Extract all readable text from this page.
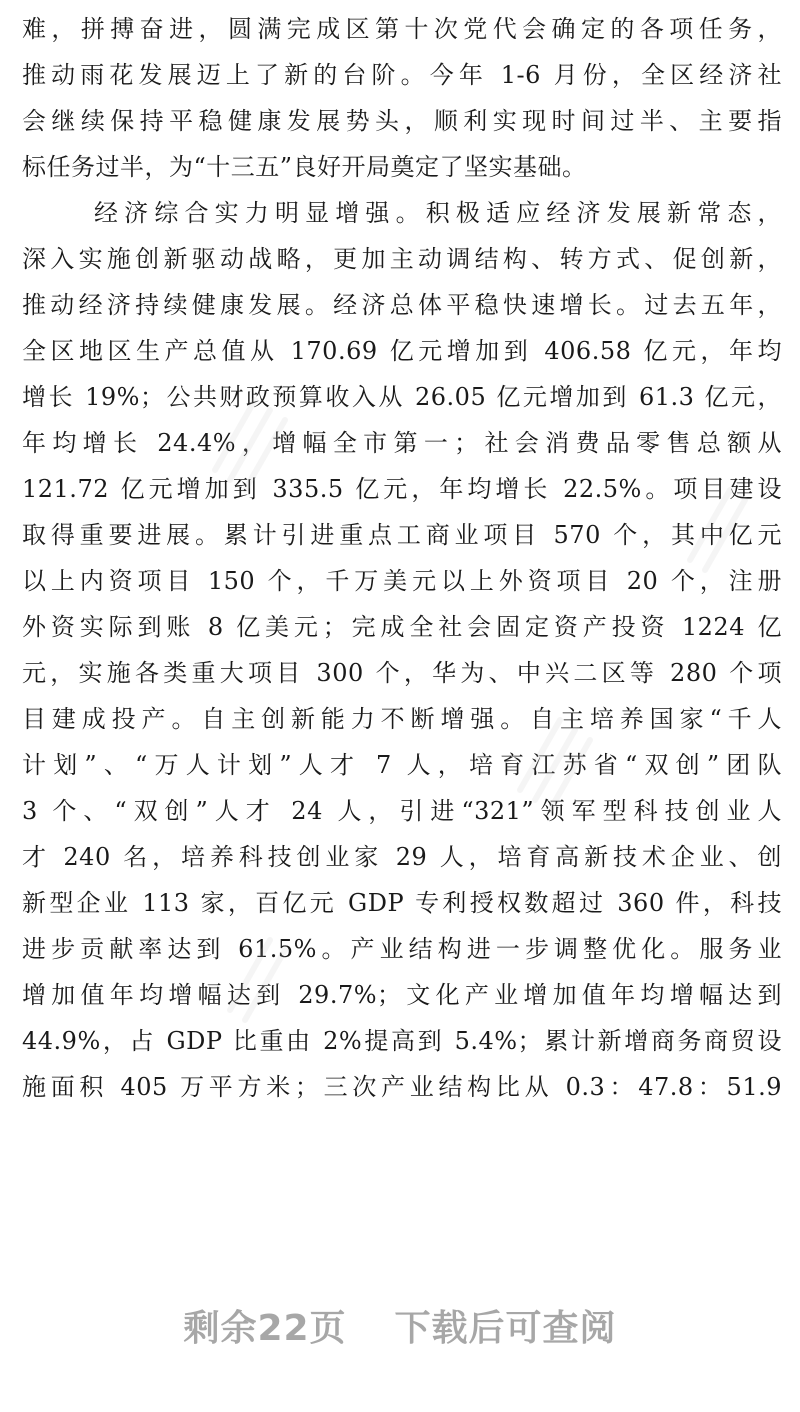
难，拼搏奋进，圆满完成区第十次党代会确定的各项任务，
推动雨花发展迈上了新的台阶。今年 1-6 月份，全区经济社
会继续保持平稳健康发展势头，顺利实现时间过半、主要指
标任务过半，为“十三五”良好开局奠定了坚实基础。
经济综合实力明显增强。积极适应经济发展新常态，
深入实施创新驱动战略，更加主动调结构、转方式、促创新，
推动经济持续健康发展。经济总体平稳快速增长。过去五年，
全区地区生产总值从 170.69 亿元增加到 406.58 亿元，年均
增长 19%；公共财政预算收入从 26.05 亿元增加到 61.3 亿元，
年均增长 24.4%，增幅全市第一；社会消费品零售总额从
121.72 亿元增加到 335.5 亿元，年均增长 22.5%。项目建设
取得重要进展。累计引进重点工商业项目 570 个，其中亿元
以上内资项目 150 个，千万美元以上外资项目 20 个，注册
外资实际到账 8 亿美元；完成全社会固定资产投资 1224 亿
元，实施各类重大项目 300 个，华为、中兴二区等 280 个项
目建成投产。自主创新能力不断增强。自主培养国家“千人
计划”、“万人计划”人才 7 人，培育江苏省“双创”团队
3 个、“双创”人才 24 人，引进“321”领军型科技创业人
才 240 名，培养科技创业家 29 人，培育高新技术企业、创
新型企业 113 家，百亿元 GDP 专利授权数超过 360 件，科技
进步贡献率达到 61.5%。产业结构进一步调整优化。服务业
增加值年均增幅达到 29.7%；文化产业增加值年均增幅达到
44.9%，占 GDP 比重由 2%提高到 5.4%；累计新增商务商贸设
施面积 405 万平方米；三次产业结构比从 0.3：47.8：51.9
剩余22页 下载后可查阅
